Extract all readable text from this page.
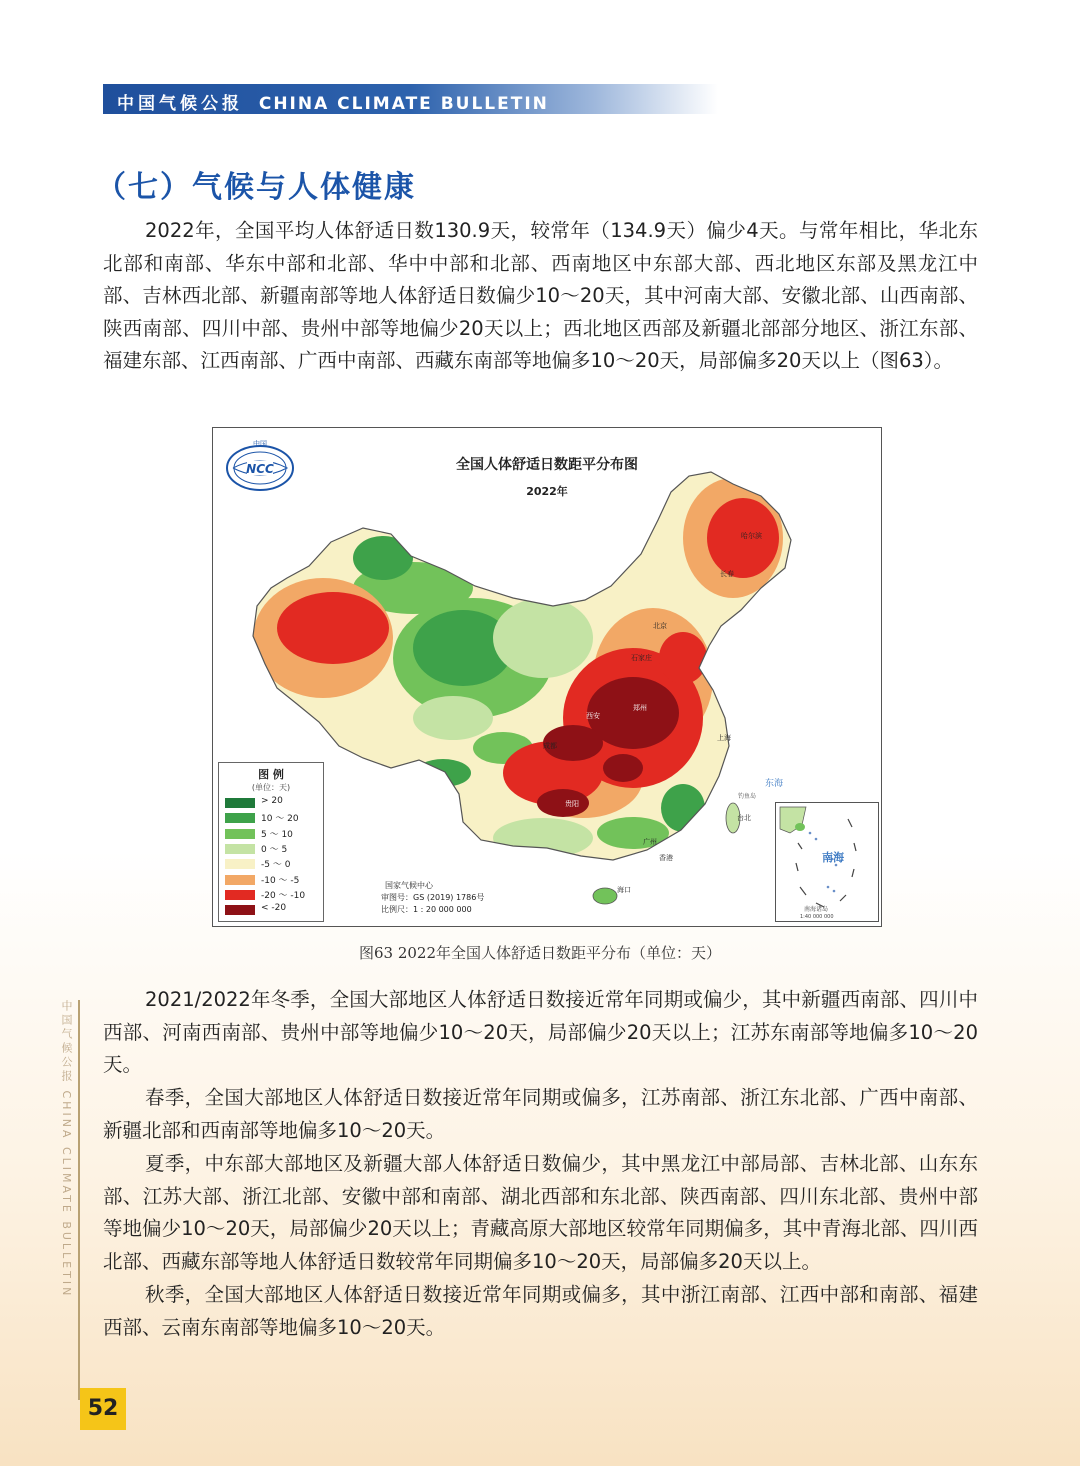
中国气候公报 CHINA CLIMATE BULLETIN
（七）气候与人体健康

2022年，全国平均人体舒适日数130.9天，较常年（134.9天）偏少4天。与常年相比，华北东北部和南部、华东中部和北部、华中中部和北部、西南地区中东部大部、西北地区东部及黑龙江中部、吉林西北部、新疆南部等地人体舒适日数偏少10～20天，其中河南大部、安徽北部、山西南部、陕西南部、四川中部、贵州中部等地偏少20天以上；西北地区西部及新疆北部部分地区、浙江东部、福建东部、江西南部、广西中南部、西藏东南部等地偏多10～20天，局部偏多20天以上（图63）。

NCC
中国
全国人体舒适日数距平分布图
2022年
东海
钓鱼岛
哈尔滨
长春
北京
石家庄
郑州
西安
成都
贵阳
广州
香港
海口
台北
上海
国家气候中心
审图号：GS (2019) 1786号
比例尺：1 : 20 000 000
图 例
(单位：天)
> 20
10 ～ 20
5 ～ 10
0 ～ 5
-5 ～ 0
-10 ～ -5
-20 ～ -10
< -20
南海
南海诸岛
1:40 000 000
图63 2022年全国人体舒适日数距平分布（单位：天）

2021/2022年冬季，全国大部地区人体舒适日数接近常年同期或偏少，其中新疆西南部、四川中西部、河南西南部、贵州中部等地偏少10～20天，局部偏少20天以上；江苏东南部等地偏多10～20天。

春季，全国大部地区人体舒适日数接近常年同期或偏多，江苏南部、浙江东北部、广西中南部、新疆北部和西南部等地偏多10～20天。

夏季，中东部大部地区及新疆大部人体舒适日数偏少，其中黑龙江中部局部、吉林北部、山东东部、江苏大部、浙江北部、安徽中部和南部、湖北西部和东北部、陕西南部、四川东北部、贵州中部等地偏少10～20天，局部偏少20天以上；青藏高原大部地区较常年同期偏多，其中青海北部、四川西北部、西藏东部等地人体舒适日数较常年同期偏多10～20天，局部偏多20天以上。

秋季，全国大部地区人体舒适日数接近常年同期或偏多，其中浙江南部、江西中部和南部、福建西部、云南东南部等地偏多10～20天。

中国气候公报 CHINA CLIMATE BULLETIN
52
